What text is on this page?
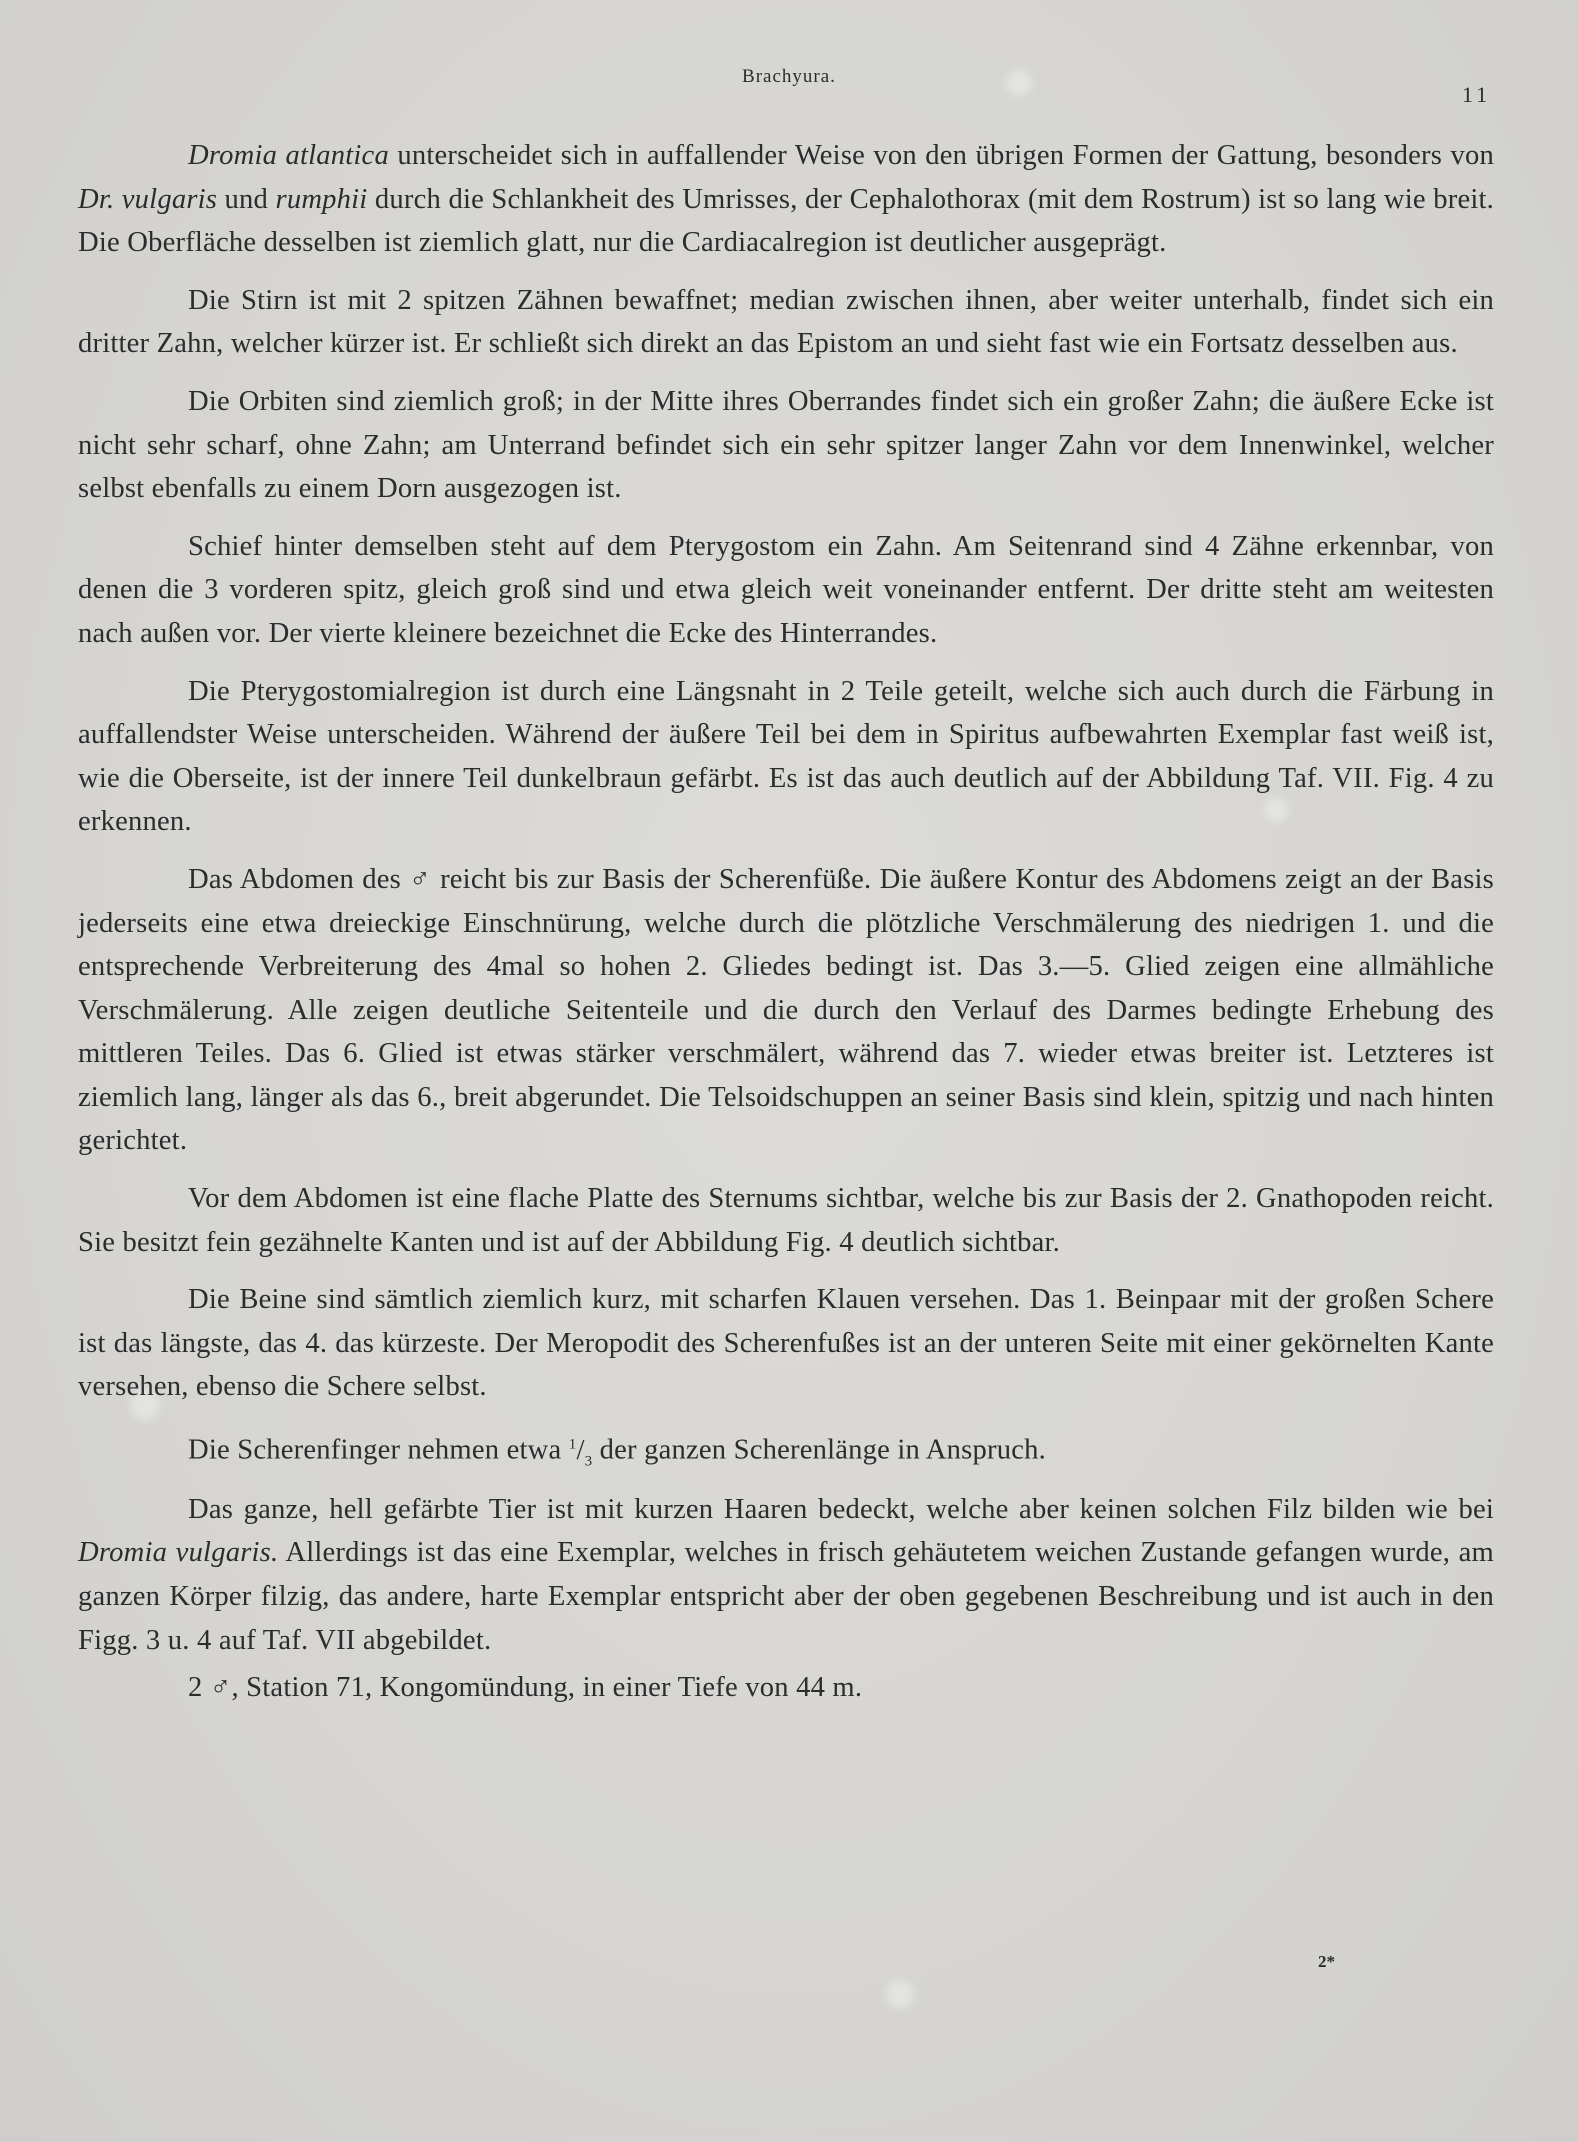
Brachyura.
11

Dromia atlantica unterscheidet sich in auffallender Weise von den übrigen Formen der Gattung, besonders von Dr. vulgaris und rumphii durch die Schlankheit des Umrisses, der Cephalothorax (mit dem Rostrum) ist so lang wie breit. Die Oberfläche desselben ist ziemlich glatt, nur die Cardiacalregion ist deutlicher ausgeprägt.

Die Stirn ist mit 2 spitzen Zähnen bewaffnet; median zwischen ihnen, aber weiter unterhalb, findet sich ein dritter Zahn, welcher kürzer ist. Er schließt sich direkt an das Epistom an und sieht fast wie ein Fortsatz desselben aus.

Die Orbiten sind ziemlich groß; in der Mitte ihres Oberrandes findet sich ein großer Zahn; die äußere Ecke ist nicht sehr scharf, ohne Zahn; am Unterrand befindet sich ein sehr spitzer langer Zahn vor dem Innenwinkel, welcher selbst ebenfalls zu einem Dorn ausgezogen ist.

Schief hinter demselben steht auf dem Pterygostom ein Zahn. Am Seitenrand sind 4 Zähne erkennbar, von denen die 3 vorderen spitz, gleich groß sind und etwa gleich weit voneinander entfernt. Der dritte steht am weitesten nach außen vor. Der vierte kleinere bezeichnet die Ecke des Hinterrandes.

Die Pterygostomialregion ist durch eine Längsnaht in 2 Teile geteilt, welche sich auch durch die Färbung in auffallendster Weise unterscheiden. Während der äußere Teil bei dem in Spiritus aufbewahrten Exemplar fast weiß ist, wie die Oberseite, ist der innere Teil dunkelbraun gefärbt. Es ist das auch deutlich auf der Abbildung Taf. VII. Fig. 4 zu erkennen.

Das Abdomen des ♂ reicht bis zur Basis der Scherenfüße. Die äußere Kontur des Abdomens zeigt an der Basis jederseits eine etwa dreieckige Einschnürung, welche durch die plötzliche Verschmälerung des niedrigen 1. und die entsprechende Verbreiterung des 4mal so hohen 2. Gliedes bedingt ist. Das 3.—5. Glied zeigen eine allmähliche Verschmälerung. Alle zeigen deutliche Seitenteile und die durch den Verlauf des Darmes bedingte Erhebung des mittleren Teiles. Das 6. Glied ist etwas stärker verschmälert, während das 7. wieder etwas breiter ist. Letzteres ist ziemlich lang, länger als das 6., breit abgerundet. Die Telsoidschuppen an seiner Basis sind klein, spitzig und nach hinten gerichtet.

Vor dem Abdomen ist eine flache Platte des Sternums sichtbar, welche bis zur Basis der 2. Gnathopoden reicht. Sie besitzt fein gezähnelte Kanten und ist auf der Abbildung Fig. 4 deutlich sichtbar.

Die Beine sind sämtlich ziemlich kurz, mit scharfen Klauen versehen. Das 1. Beinpaar mit der großen Schere ist das längste, das 4. das kürzeste. Der Meropodit des Scherenfußes ist an der unteren Seite mit einer gekörnelten Kante versehen, ebenso die Schere selbst.

Die Scherenfinger nehmen etwa $^1/_3$ der ganzen Scherenlänge in Anspruch.

Das ganze, hell gefärbte Tier ist mit kurzen Haaren bedeckt, welche aber keinen solchen Filz bilden wie bei Dromia vulgaris. Allerdings ist das eine Exemplar, welches in frisch gehäutetem weichen Zustande gefangen wurde, am ganzen Körper filzig, das andere, harte Exemplar entspricht aber der oben gegebenen Beschreibung und ist auch in den Figg. 3 u. 4 auf Taf. VII abgebildet.

2 ♂, Station 71, Kongomündung, in einer Tiefe von 44 m.

2*
